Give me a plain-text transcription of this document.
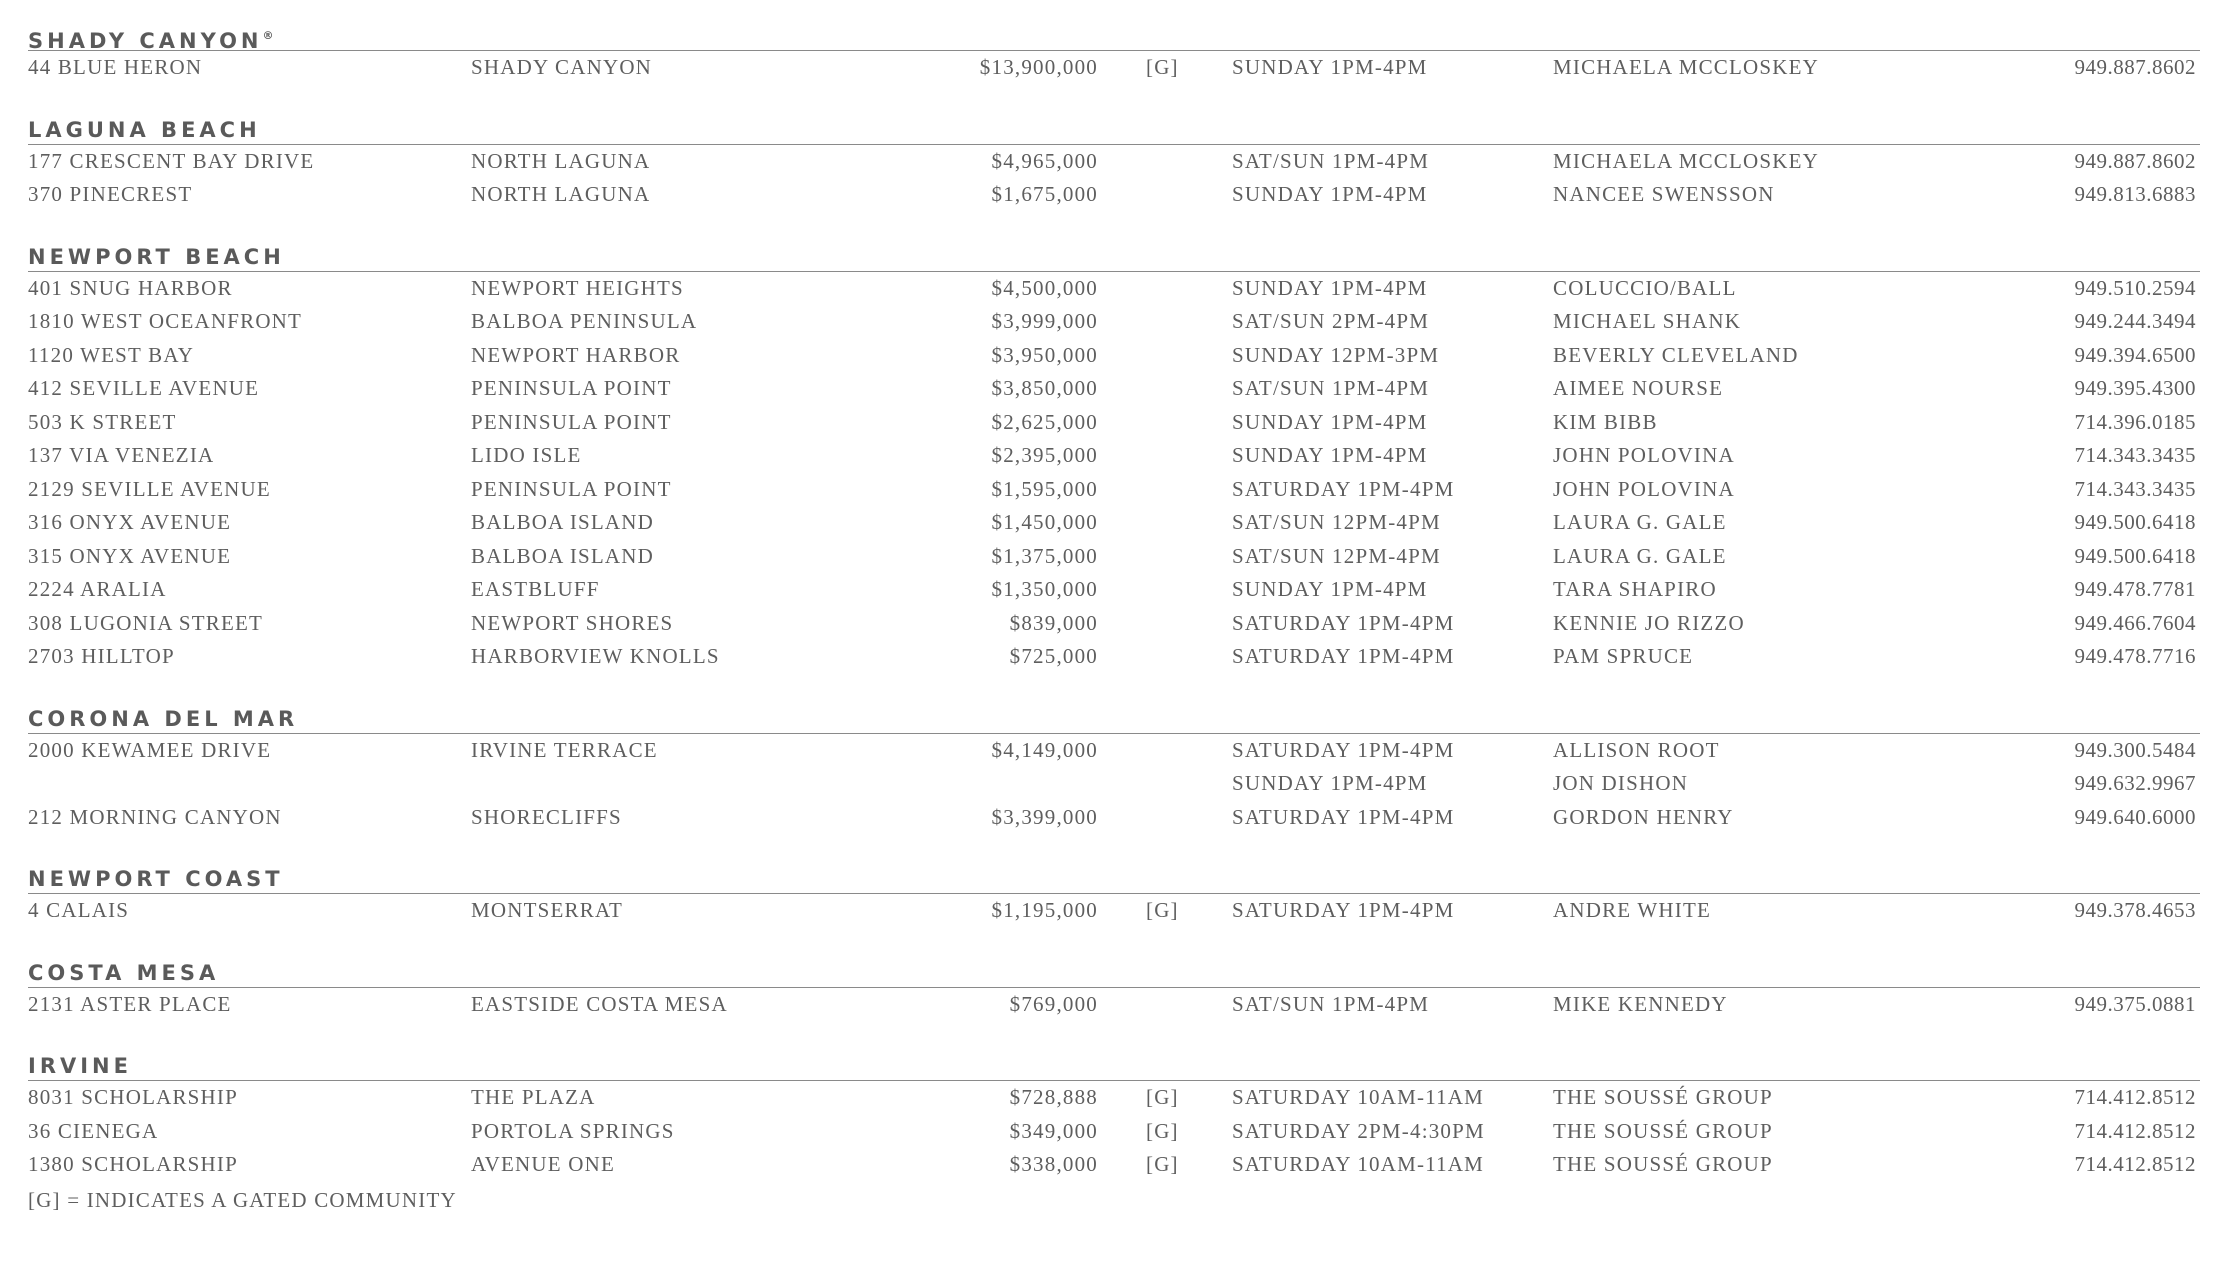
SHADY CANYON®
44 BLUE HERON	SHADY CANYON	$13,900,000 [G]	SUNDAY 1PM-4PM	MICHAELA MCCLOSKEY	949.887.8602
LAGUNA BEACH
177 CRESCENT BAY DRIVE	NORTH LAGUNA	$4,965,000	SAT/SUN 1PM-4PM	MICHAELA MCCLOSKEY	949.887.8602
370 PINECREST	NORTH LAGUNA	$1,675,000	SUNDAY 1PM-4PM	NANCEE SWENSSON	949.813.6883
NEWPORT BEACH
401 SNUG HARBOR	NEWPORT HEIGHTS	$4,500,000	SUNDAY 1PM-4PM	COLUCCIO/BALL	949.510.2594
1810 WEST OCEANFRONT	BALBOA PENINSULA	$3,999,000	SAT/SUN 2PM-4PM	MICHAEL SHANK	949.244.3494
1120 WEST BAY	NEWPORT HARBOR	$3,950,000	SUNDAY 12PM-3PM	BEVERLY CLEVELAND	949.394.6500
412 SEVILLE AVENUE	PENINSULA POINT	$3,850,000	SAT/SUN 1PM-4PM	AIMEE NOURSE	949.395.4300
503 K STREET	PENINSULA POINT	$2,625,000	SUNDAY 1PM-4PM	KIM BIBB	714.396.0185
137 VIA VENEZIA	LIDO ISLE	$2,395,000	SUNDAY 1PM-4PM	JOHN POLOVINA	714.343.3435
2129 SEVILLE AVENUE	PENINSULA POINT	$1,595,000	SATURDAY 1PM-4PM	JOHN POLOVINA	714.343.3435
316 ONYX AVENUE	BALBOA ISLAND	$1,450,000	SAT/SUN 12PM-4PM	LAURA G. GALE	949.500.6418
315 ONYX AVENUE	BALBOA ISLAND	$1,375,000	SAT/SUN 12PM-4PM	LAURA G. GALE	949.500.6418
2224 ARALIA	EASTBLUFF	$1,350,000	SUNDAY 1PM-4PM	TARA SHAPIRO	949.478.7781
308 LUGONIA STREET	NEWPORT SHORES	$839,000	SATURDAY 1PM-4PM	KENNIE JO RIZZO	949.466.7604
2703 HILLTOP	HARBORVIEW KNOLLS	$725,000	SATURDAY 1PM-4PM	PAM SPRUCE	949.478.7716
CORONA DEL MAR
2000 KEWAMEE DRIVE	IRVINE TERRACE	$4,149,000	SATURDAY 1PM-4PM	ALLISON ROOT	949.300.5484
SUNDAY 1PM-4PM	JON DISHON	949.632.9967
212 MORNING CANYON	SHORECLIFFS	$3,399,000	SATURDAY 1PM-4PM	GORDON HENRY	949.640.6000
NEWPORT COAST
4 CALAIS	MONTSERRAT	$1,195,000 [G]	SATURDAY 1PM-4PM	ANDRE WHITE	949.378.4653
COSTA MESA
2131 ASTER PLACE	EASTSIDE COSTA MESA	$769,000	SAT/SUN 1PM-4PM	MIKE KENNEDY	949.375.0881
IRVINE
8031 SCHOLARSHIP	THE PLAZA	$728,888 [G]	SATURDAY 10AM-11AM	THE SOUSSÉ GROUP	714.412.8512
36 CIENEGA	PORTOLA SPRINGS	$349,000 [G]	SATURDAY 2PM-4:30PM	THE SOUSSÉ GROUP	714.412.8512
1380 SCHOLARSHIP	AVENUE ONE	$338,000 [G]	SATURDAY 10AM-11AM	THE SOUSSÉ GROUP	714.412.8512
[G] = INDICATES A GATED COMMUNITY
